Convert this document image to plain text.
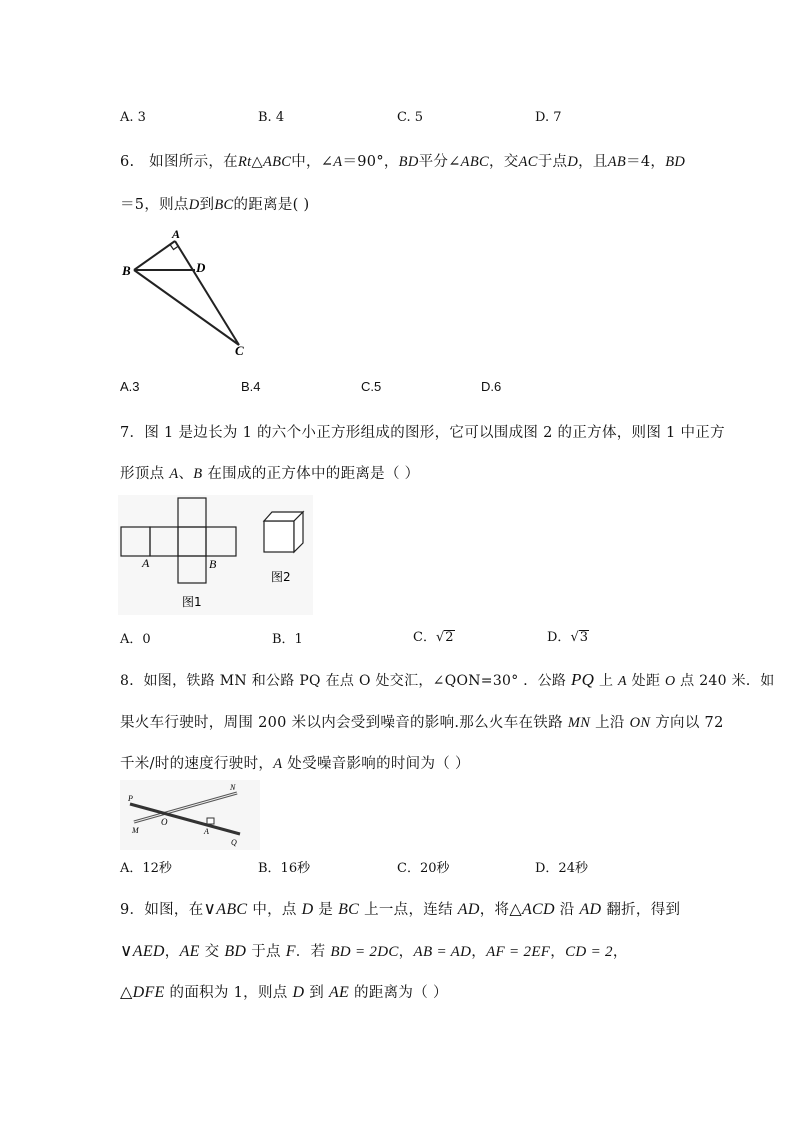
A. 3	B. 4	C. 5	D. 7
6. 如图所示，在Rt△ABC中，∠A＝90°，BD平分∠ABC，交AC于点D，且AB＝4，BD
＝5，则点D到BC的距离是( )
A
B	D
C
A.3	B.4	C.5	D.6
7．图 1 是边长为 1 的六个小正方形组成的图形，它可以围成图 2 的正方体，则图 1 中正方
形顶点 A、B 在围成的正方体中的距离是（ ）
A	B
图1
图2
A．0	B．1	C．√2	D．√3
8．如图，铁路 MN 和公路 PQ 在点 O 处交汇，∠QON=30° ．公路 PQ 上 A 处距 O 点 240 米．如
果火车行驶时，周围 200 米以内会受到噪音的影响.那么火车在铁路 MN 上沿 ON 方向以 72
千米/时的速度行驶时，A 处受噪音影响的时间为（ ）
P
N
M
O
A
Q
A．12秒	B．16秒	C．20秒	D．24秒
9．如图，在∨ABC 中，点 D 是 BC 上一点，连结 AD，将△ACD 沿 AD 翻折，得到
∨AED，AE 交 BD 于点 F．若 BD = 2DC，AB = AD，AF = 2EF，CD = 2，
△DFE 的面积为 1，则点 D 到 AE 的距离为（ ）
